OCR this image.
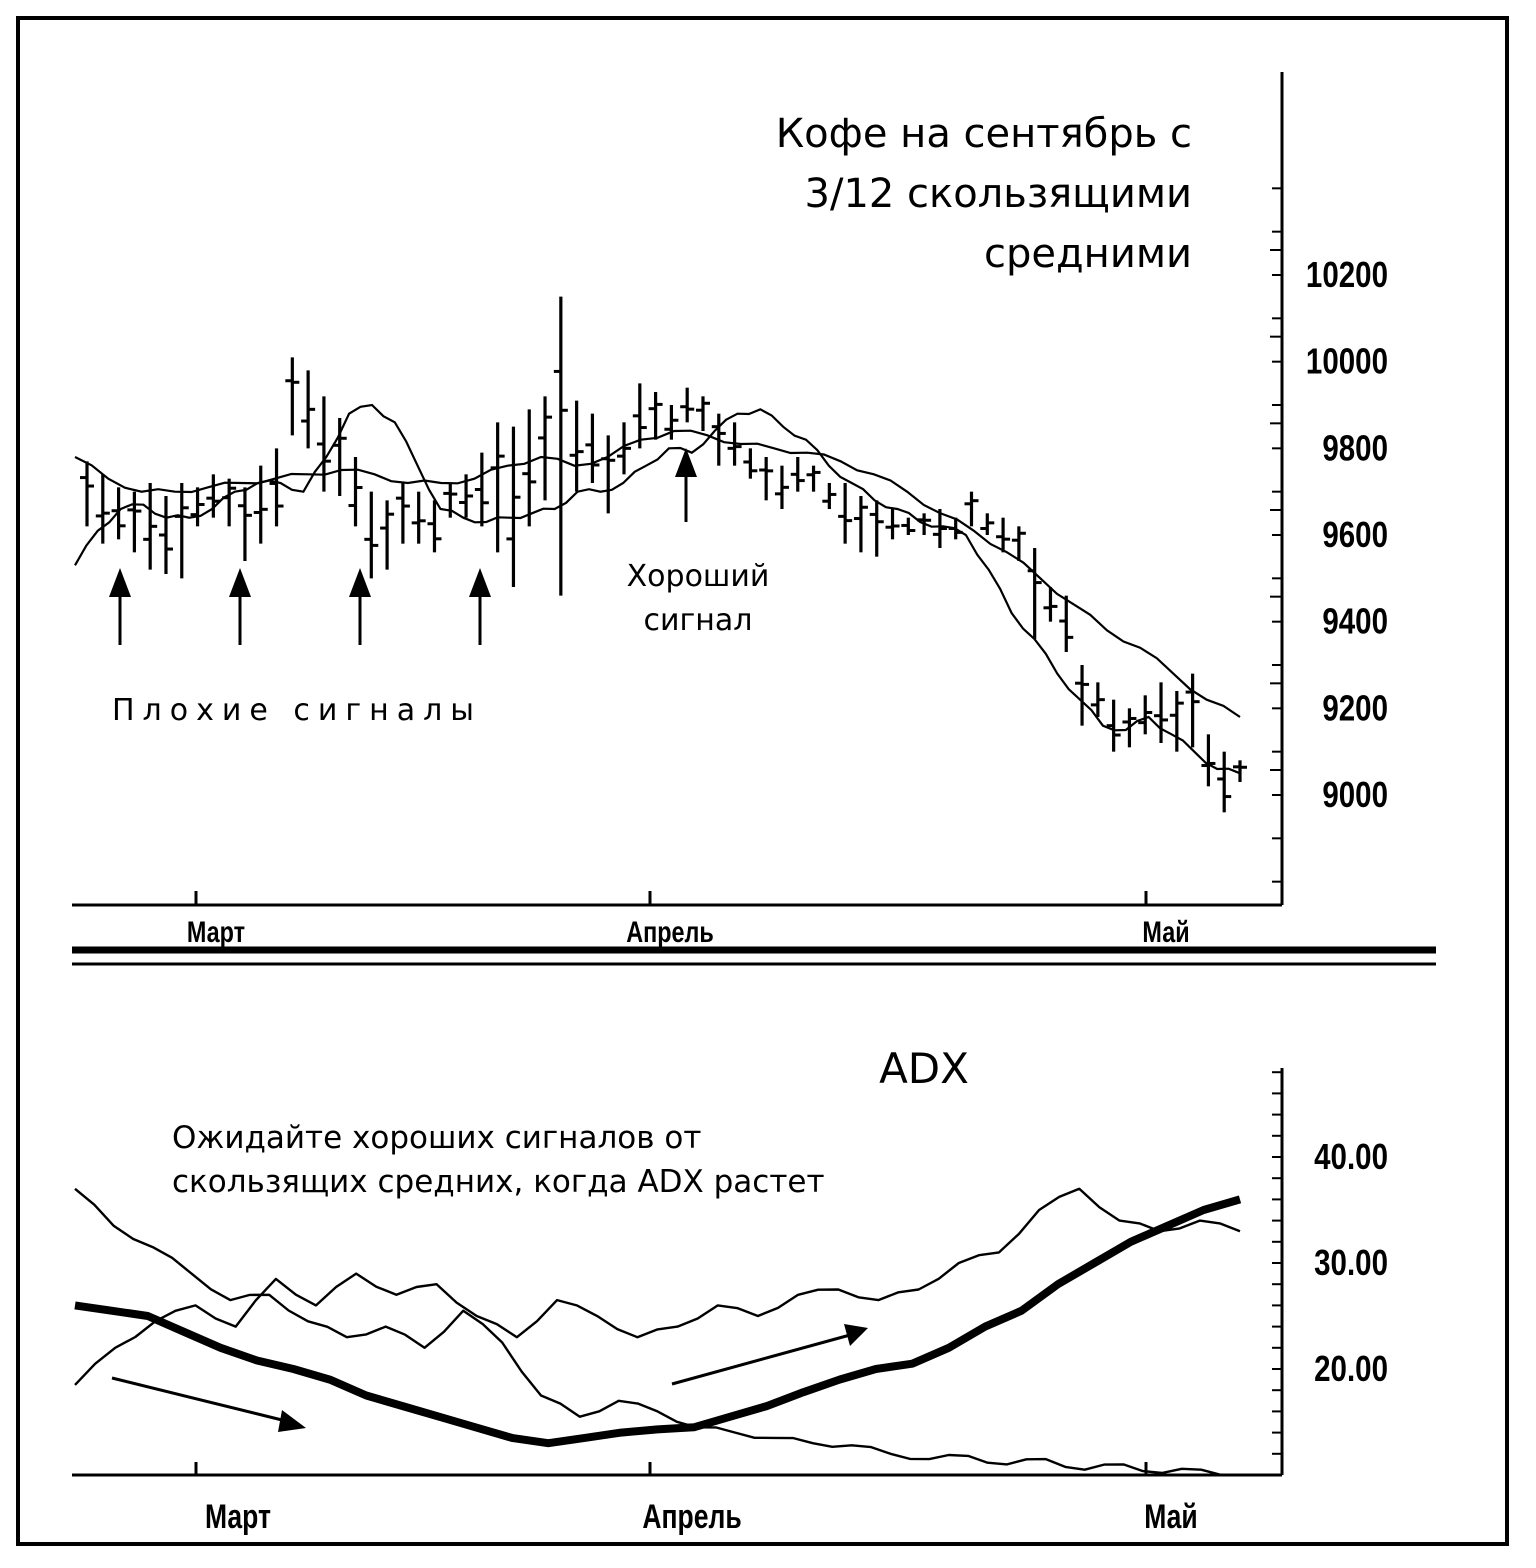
10200
10000
9800
9600
9400
9200
9000
Март	Апрель	Май
Кофе на сентябрь с
3/12 скользящими
средними
Хороший
сигнал
Плохие сигналы
40.00
30.00
20.00
Март	Апрель	Май
ADX
Ожидайте хороших сигналов от
скользящих средних, когда ADX растет
